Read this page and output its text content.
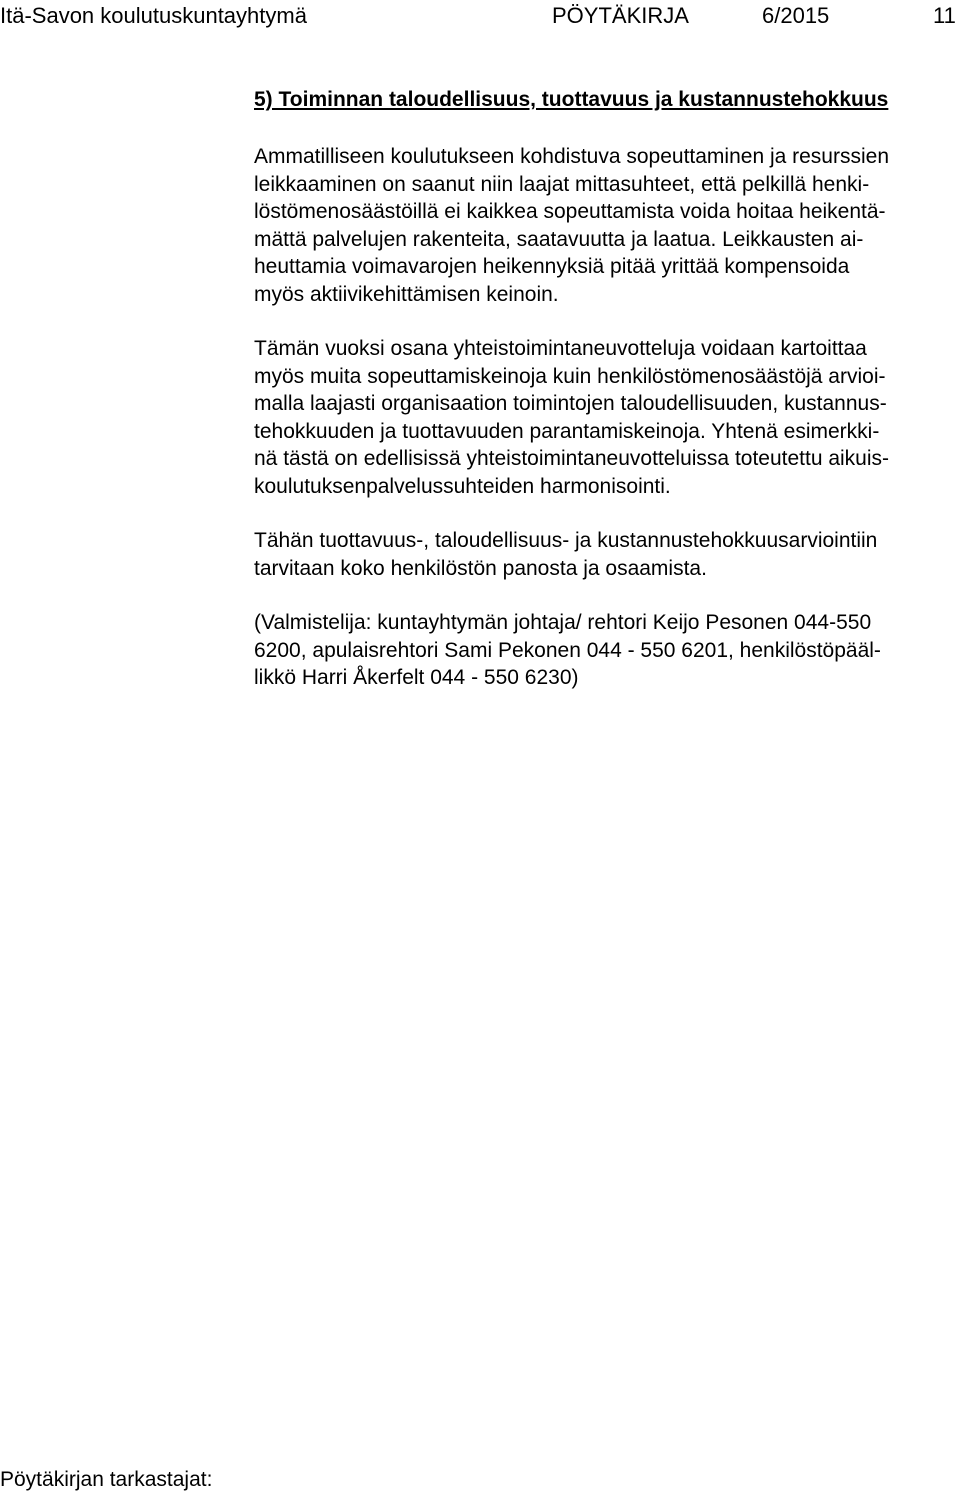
Itä-Savon koulutuskuntayhtymä	PÖYTÄKIRJA	6/2015	11
5) Toiminnan taloudellisuus, tuottavuus ja kustannustehokkuus
Ammatilliseen koulutukseen kohdistuva sopeuttaminen ja resurssien
leikkaaminen on saanut niin laajat mittasuhteet, että pelkillä henki-
löstömenosäästöillä ei kaikkea sopeuttamista voida hoitaa heikentä-
mättä palvelujen rakenteita, saatavuutta ja laatua. Leikkausten ai-
heuttamia voimavarojen heikennyksiä pitää yrittää kompensoida
myös aktiivikehittämisen keinoin.
Tämän vuoksi osana yhteistoimintaneuvotteluja voidaan kartoittaa
myös muita sopeuttamiskeinoja kuin henkilöstömenosäästöjä arvioi-
malla laajasti organisaation toimintojen taloudellisuuden, kustannus-
tehokkuuden ja tuottavuuden parantamiskeinoja. Yhtenä esimerkki-
nä tästä on edellisissä yhteistoimintaneuvotteluissa toteutettu aikuis-
koulutuksenpalvelussuhteiden harmonisointi.
Tähän tuottavuus-, taloudellisuus- ja kustannustehokkuusarviointiin
tarvitaan koko henkilöstön panosta ja osaamista.
(Valmistelija: kuntayhtymän johtaja/ rehtori Keijo Pesonen 044-550
6200, apulaisrehtori Sami Pekonen 044 - 550 6201, henkilöstöpääl-
likkö Harri Åkerfelt 044 - 550 6230)
Pöytäkirjan tarkastajat:
